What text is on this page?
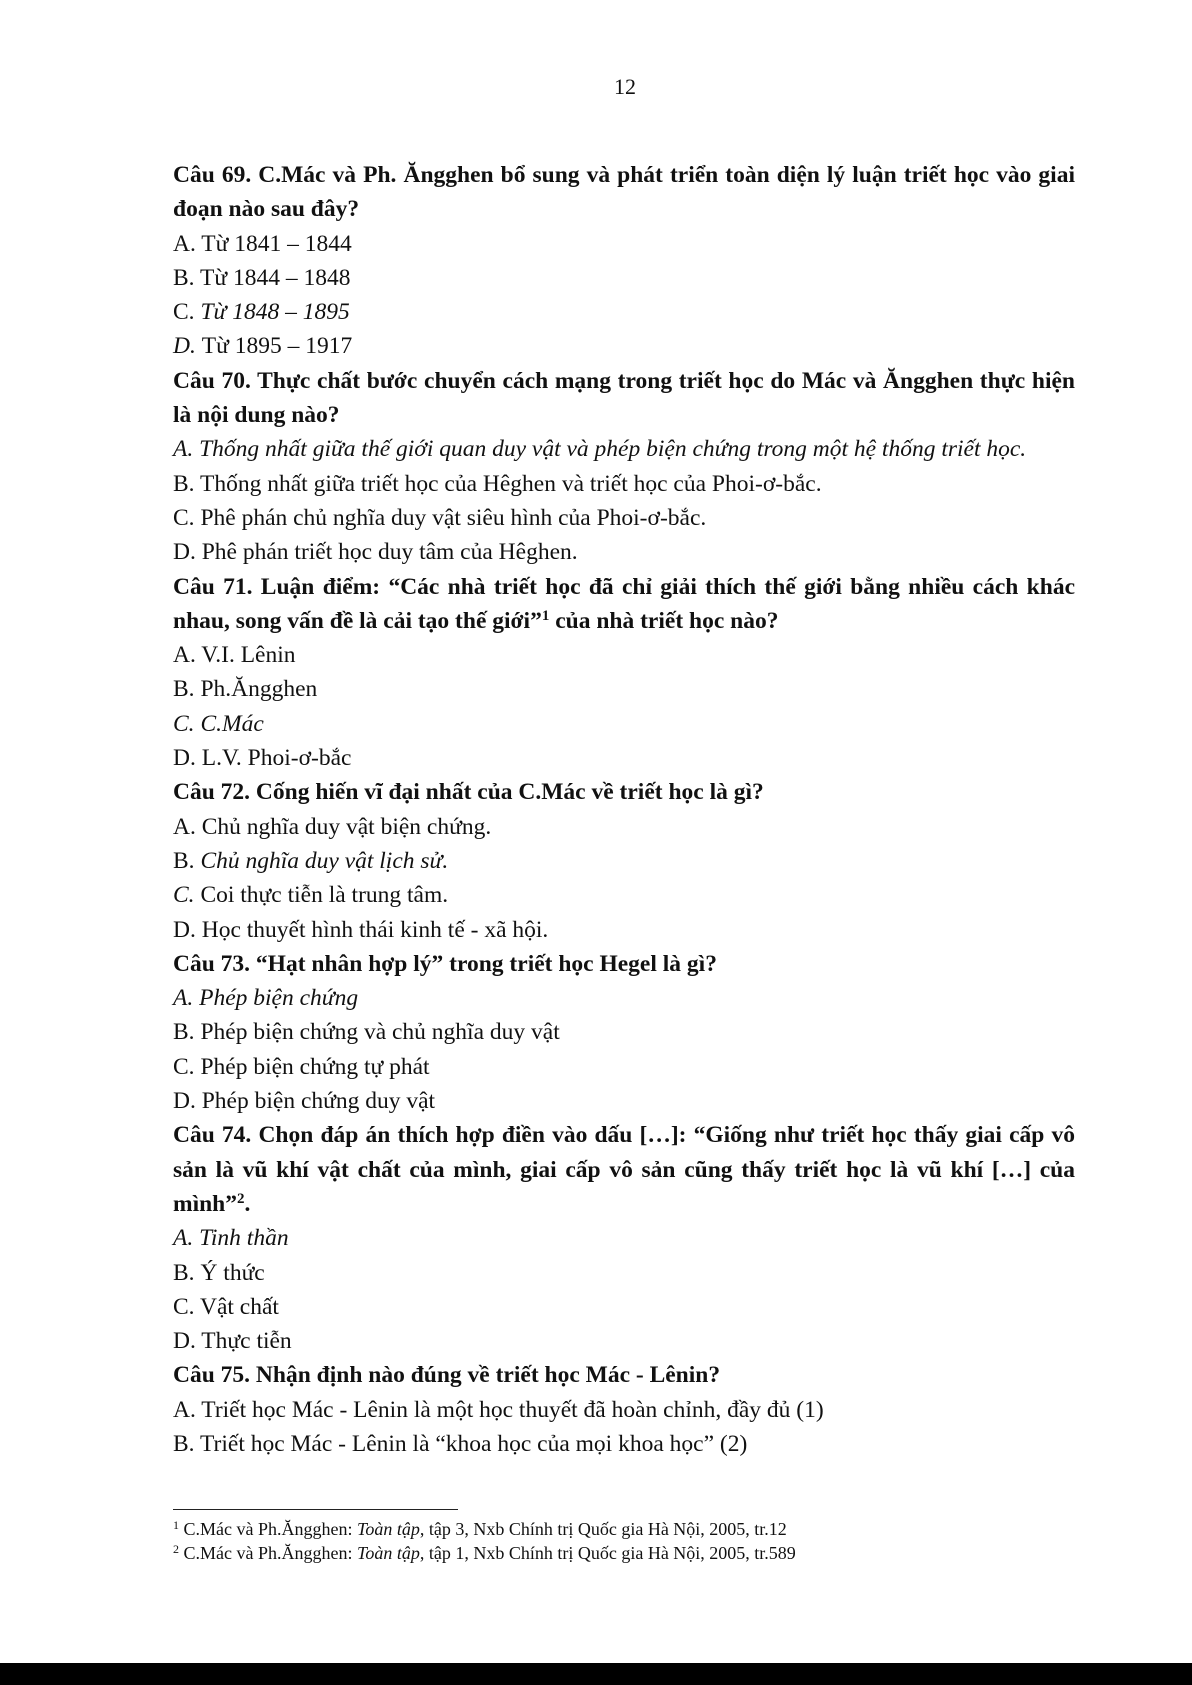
12

Câu 69. C.Mác và Ph. Ăngghen bổ sung và phát triển toàn diện lý luận triết học vào giai đoạn nào sau đây?

A. Từ 1841 – 1844

B. Từ 1844 – 1848

C. Từ 1848 – 1895

D. Từ 1895 – 1917

Câu 70. Thực chất bước chuyển cách mạng trong triết học do Mác và Ăngghen thực hiện là nội dung nào?

A. Thống nhất giữa thế giới quan duy vật và phép biện chứng trong một hệ thống triết học.

B. Thống nhất giữa triết học của Hêghen và triết học của Phoi-ơ-bắc.

C. Phê phán chủ nghĩa duy vật siêu hình của Phoi-ơ-bắc.

D. Phê phán triết học duy tâm của Hêghen.

Câu 71. Luận điểm: “Các nhà triết học đã chỉ giải thích thế giới bằng nhiều cách khác nhau, song vấn đề là cải tạo thế giới”$^1$ của nhà triết học nào?

A. V.I. Lênin

B. Ph.Ăngghen

C. C.Mác

D. L.V. Phoi-ơ-bắc

Câu 72. Cống hiến vĩ đại nhất của C.Mác về triết học là gì?

A. Chủ nghĩa duy vật biện chứng.

B. Chủ nghĩa duy vật lịch sử.

C. Coi thực tiễn là trung tâm.

D. Học thuyết hình thái kinh tế - xã hội.

Câu 73. “Hạt nhân hợp lý” trong triết học Hegel là gì?

A. Phép biện chứng

B. Phép biện chứng và chủ nghĩa duy vật

C. Phép biện chứng tự phát

D. Phép biện chứng duy vật

Câu 74. Chọn đáp án thích hợp điền vào dấu […]: “Giống như triết học thấy giai cấp vô sản là vũ khí vật chất của mình, giai cấp vô sản cũng thấy triết học là vũ khí […] của mình”$^2$.

A. Tinh thần

B. Ý thức

C. Vật chất

D. Thực tiễn

Câu 75. Nhận định nào đúng về triết học Mác - Lênin?

A. Triết học Mác - Lênin là một học thuyết đã hoàn chỉnh, đầy đủ (1)

B. Triết học Mác - Lênin là “khoa học của mọi khoa học” (2)

$^1$ C.Mác và Ph.Ăngghen: Toàn tập, tập 3, Nxb Chính trị Quốc gia Hà Nội, 2005, tr.12

$^2$ C.Mác và Ph.Ăngghen: Toàn tập, tập 1, Nxb Chính trị Quốc gia Hà Nội, 2005, tr.589
